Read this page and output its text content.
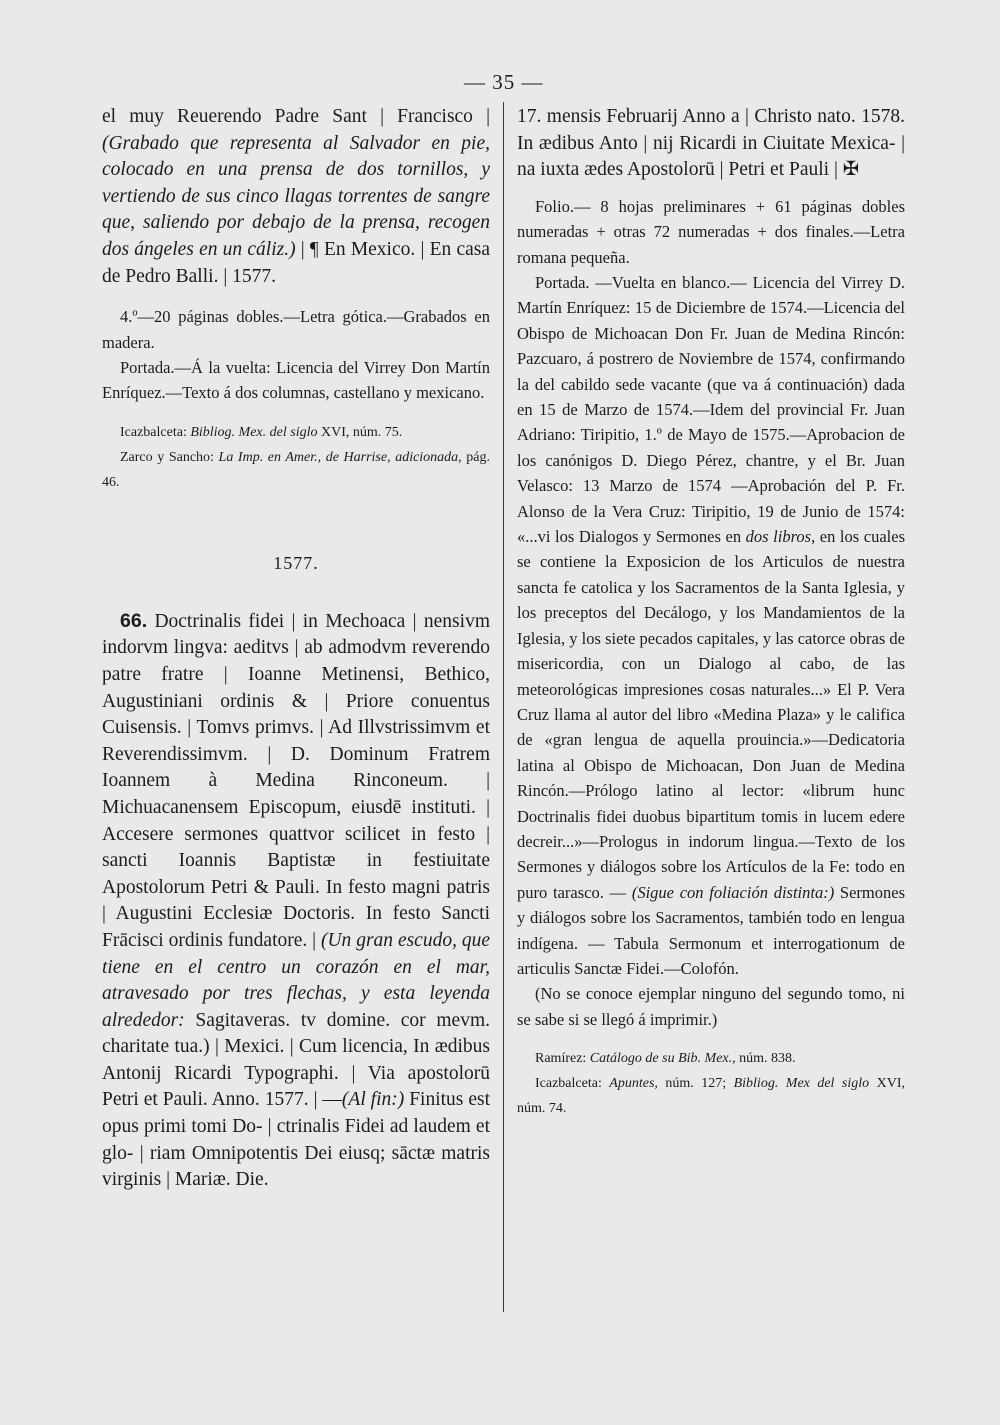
— 35 —

el muy Reuerendo Padre Sant | Francisco | (Grabado que representa al Salvador en pie, colocado en una prensa de dos tornillos, y vertiendo de sus cinco llagas torrentes de sangre que, saliendo por debajo de la prensa, recogen dos ángeles en un cáliz.) | ¶ En Mexico. | En casa de Pedro Balli. | 1577.

4.º—20 páginas dobles.—Letra gótica.—Grabados en madera.

Portada.—Á la vuelta: Licencia del Virrey Don Martín Enríquez.—Texto á dos columnas, castellano y mexicano.

Icazbalceta: Bibliog. Mex. del siglo XVI, núm. 75.

Zarco y Sancho: La Imp. en Amer., de Harrise, adicionada, pág. 46.

1577.

66. Doctrinalis fidei | in Mechoaca | nensivm indorvm lingva: aeditvs | ab admodvm reverendo patre fratre | Ioanne Metinensi, Bethico, Augustiniani ordinis & | Priore conuentus Cuisensis. | Tomvs primvs. | Ad Illvstrissimvm et Reverendissimvm. | D. Dominum Fratrem Ioannem à Medina Rinconeum. | Michuacanensem Episcopum, eiusdē instituti. | Accesere sermones quattvor scilicet in festo | sancti Ioannis Baptistæ in festiuitate Apostolorum Petri & Pauli. In festo magni patris | Augustini Ecclesiæ Doctoris. In festo Sancti Frācisci ordinis fundatore. | (Un gran escudo, que tiene en el centro un corazón en el mar, atravesado por tres flechas, y esta leyenda alrededor: Sagitaveras. tv domine. cor mevm. charitate tua.) | Mexici. | Cum licencia, In ædibus Antonij Ricardi Typographi. | Via apostolorū Petri et Pauli. Anno. 1577. | —(Al fin:) Finitus est opus primi tomi Do- | ctrinalis Fidei ad laudem et glo- | riam Omnipotentis Dei eiusq; sāctæ matris virginis | Mariæ. Die.

17. mensis Februarij Anno a | Christo nato. 1578. In ædibus Anto | nij Ricardi in Ciuitate Mexica- | na iuxta ædes Apostolorū | Petri et Pauli | ✠

Folio.— 8 hojas preliminares + 61 páginas dobles numeradas + otras 72 numeradas + dos finales.—Letra romana pequeña.

Portada. —Vuelta en blanco.— Licencia del Virrey D. Martín Enríquez: 15 de Diciembre de 1574.—Licencia del Obispo de Michoacan Don Fr. Juan de Medina Rincón: Pazcuaro, á postrero de Noviembre de 1574, confirmando la del cabildo sede vacante (que va á continuación) dada en 15 de Marzo de 1574.—Idem del provincial Fr. Juan Adriano: Tiripitio, 1.º de Mayo de 1575.—Aprobacion de los canónigos D. Diego Pérez, chantre, y el Br. Juan Velasco: 13 Marzo de 1574 —Aprobación del P. Fr. Alonso de la Vera Cruz: Tiripitio, 19 de Junio de 1574: «...vi los Dialogos y Sermones en dos libros, en los cuales se contiene la Exposicion de los Articulos de nuestra sancta fe catolica y los Sacramentos de la Santa Iglesia, y los preceptos del Decálogo, y los Mandamientos de la Iglesia, y los siete pecados capitales, y las catorce obras de misericordia, con un Dialogo al cabo, de las meteorológicas impresiones cosas naturales...» El P. Vera Cruz llama al autor del libro «Medina Plaza» y le califica de «gran lengua de aquella prouincia.»—Dedicatoria latina al Obispo de Michoacan, Don Juan de Medina Rincón.—Prólogo latino al lector: «librum hunc Doctrinalis fidei duobus bipartitum tomis in lucem edere decreir...»—Prologus in indorum lingua.—Texto de los Sermones y diálogos sobre los Artículos de la Fe: todo en puro tarasco. — (Sigue con foliación distinta:) Sermones y diálogos sobre los Sacramentos, también todo en lengua indígena. — Tabula Sermonum et interrogationum de articulis Sanctæ Fidei.—Colofón.

(No se conoce ejemplar ninguno del segundo tomo, ni se sabe si se llegó á imprimir.)

Ramírez: Catálogo de su Bib. Mex., núm. 838.

Icazbalceta: Apuntes, núm. 127; Bibliog. Mex del siglo XVI, núm. 74.
